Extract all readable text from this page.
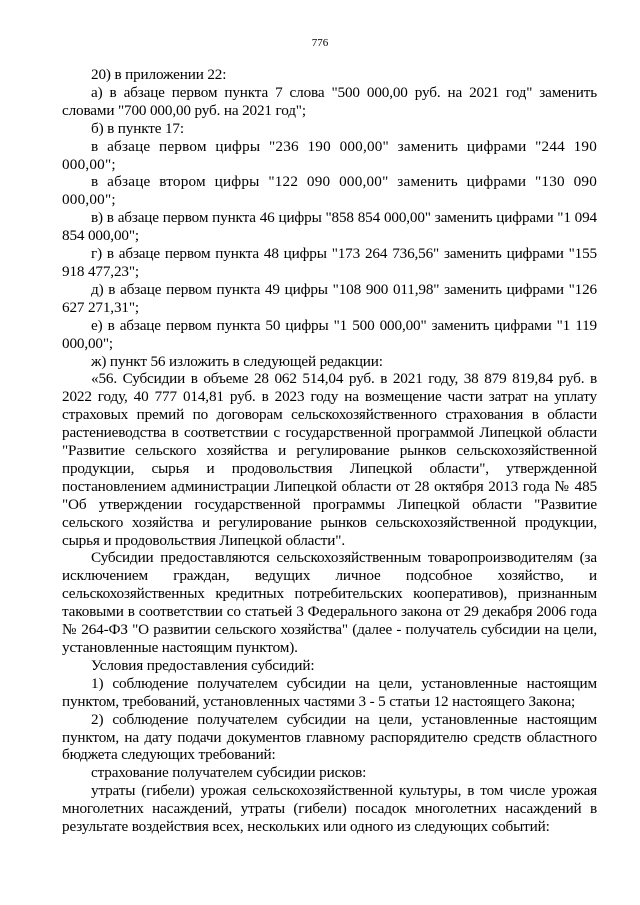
776

20) в приложении 22:

а) в абзаце первом пункта 7 слова "500 000,00 руб. на 2021 год" заменить словами "700 000,00 руб. на 2021 год";

б) в пункте 17:

в абзаце первом цифры "236 190 000,00" заменить цифрами "244 190 000,00";

в абзаце втором цифры "122 090 000,00" заменить цифрами "130 090 000,00";

в) в абзаце первом пункта 46 цифры "858 854 000,00" заменить цифрами "1 094 854 000,00";

г) в абзаце первом пункта 48 цифры "173 264 736,56" заменить цифрами "155 918 477,23";

д) в абзаце первом пункта 49 цифры "108 900 011,98" заменить цифрами "126 627 271,31";

е) в абзаце первом пункта 50 цифры "1 500 000,00" заменить цифрами "1 119 000,00";

ж) пункт 56 изложить в следующей редакции:

«56. Субсидии в объеме 28 062 514,04 руб. в 2021 году, 38 879 819,84 руб. в 2022 году, 40 777 014,81 руб. в 2023 году на возмещение части затрат на уплату страховых премий по договорам сельскохозяйственного страхования в области растениеводства в соответствии с государственной программой Липецкой области "Развитие сельского хозяйства и регулирование рынков сельскохозяйственной продукции, сырья и продовольствия Липецкой области", утвержденной постановлением администрации Липецкой области от 28 октября 2013 года № 485 "Об утверждении государственной программы Липецкой области "Развитие сельского хозяйства и регулирование рынков сельскохозяйственной продукции, сырья и продовольствия Липецкой области".

Субсидии предоставляются сельскохозяйственным товаропроизводителям (за исключением граждан, ведущих личное подсобное хозяйство, и сельскохозяйственных кредитных потребительских кооперативов), признанным таковыми в соответствии со статьей 3 Федерального закона от 29 декабря 2006 года № 264-ФЗ "О развитии сельского хозяйства" (далее - получатель субсидии на цели, установленные настоящим пунктом).

Условия предоставления субсидий:

1) соблюдение получателем субсидии на цели, установленные настоящим пунктом, требований, установленных частями 3 - 5 статьи 12 настоящего Закона;

2) соблюдение получателем субсидии на цели, установленные настоящим пунктом, на дату подачи документов главному распорядителю средств областного бюджета следующих требований:

страхование получателем субсидии рисков:

утраты (гибели) урожая сельскохозяйственной культуры, в том числе урожая многолетних насаждений, утраты (гибели) посадок многолетних насаждений в результате воздействия всех, нескольких или одного из следующих событий:
